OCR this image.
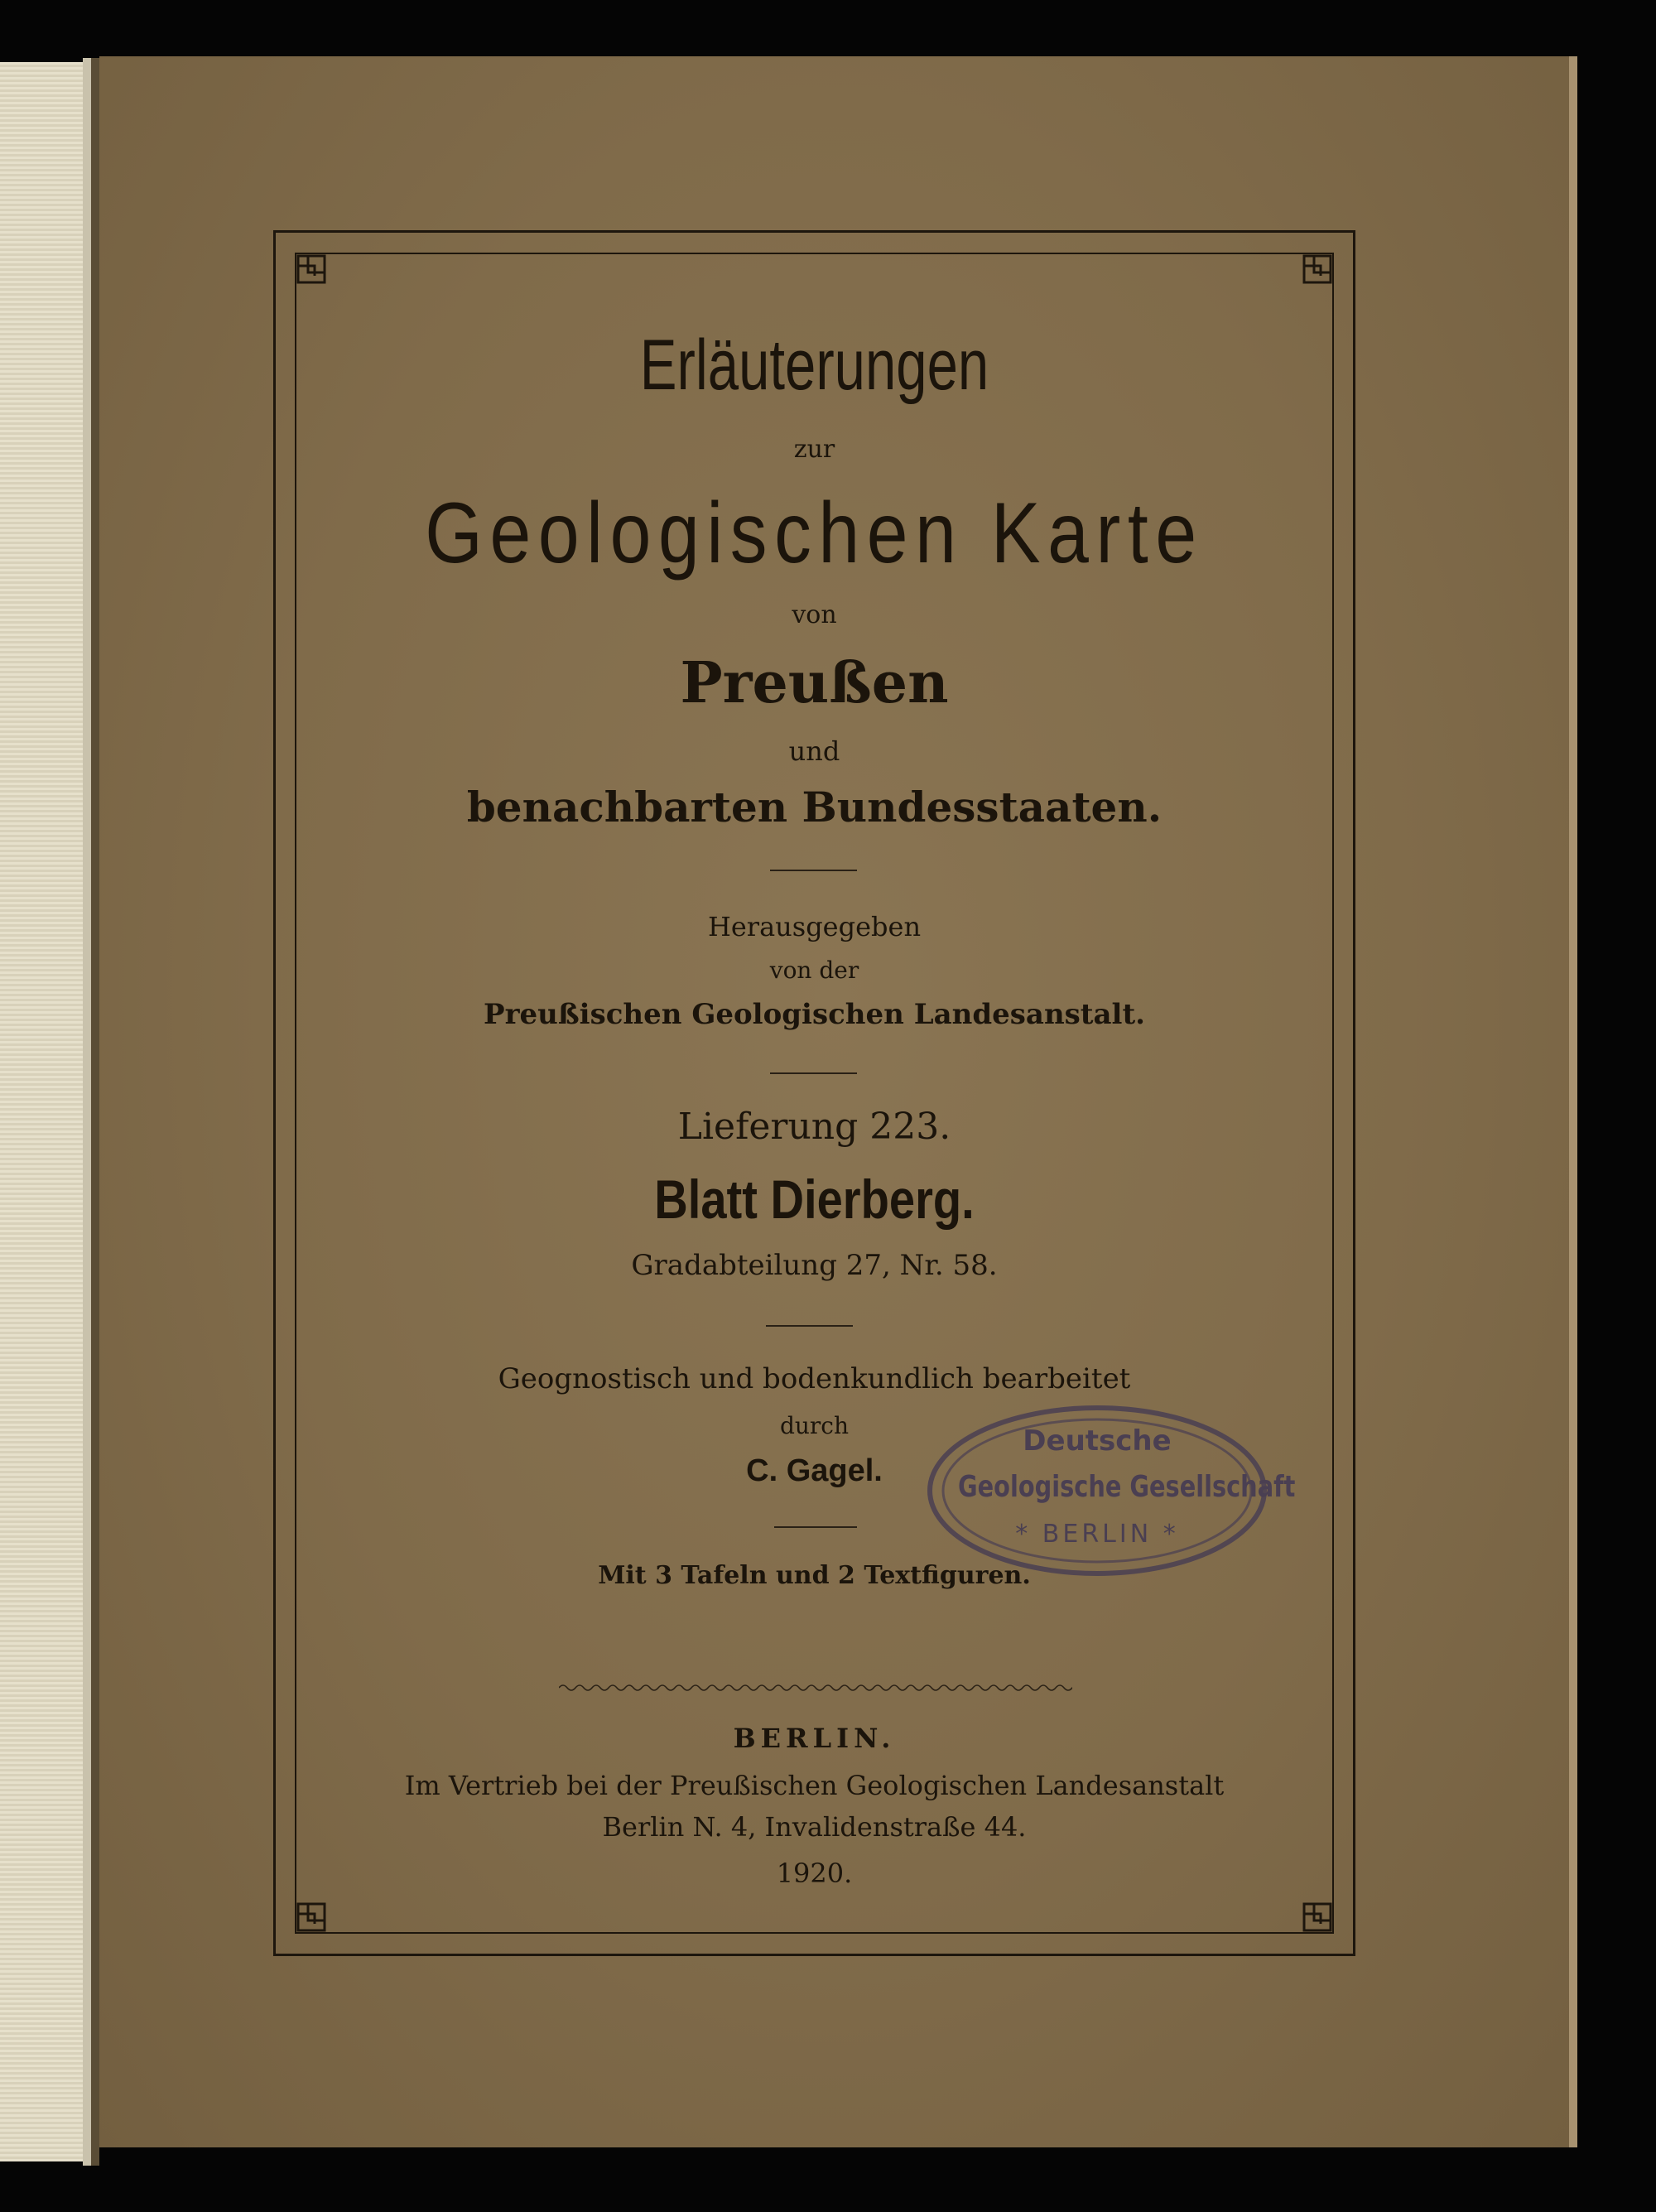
Erläuterungen

zur

Geologischen Karte

von

Preußen

und

benachbarten Bundesstaaten.

Herausgegeben

von der

Preußischen Geologischen Landesanstalt.

Lieferung 223.

Blatt Dierberg.

Gradabteilung 27, Nr. 58.

Geognostisch und bodenkundlich bearbeitet

durch

C. Gagel.

Mit 3 Tafeln und 2 Textfiguren.

BERLIN.

Im Vertrieb bei der Preußischen Geologischen Landesanstalt

Berlin N. 4, Invalidenstraße 44.

1920.

Deutsche
Geologische Gesellschaft
* BERLIN *
